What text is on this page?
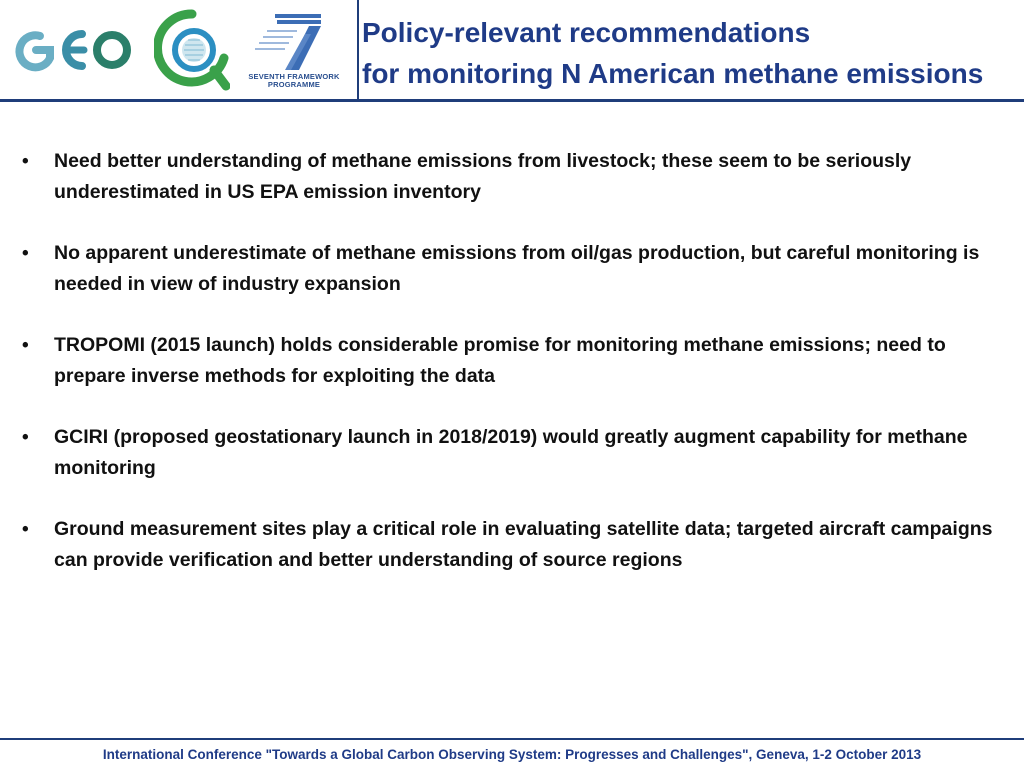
SEVENTH FRAMEWORK
PROGRAMME
Policy-relevant recommendations
for monitoring N American methane emissions
• Need better understanding of methane emissions from livestock; these seem to be seriously underestimated in US EPA emission inventory
• No apparent underestimate of methane emissions from oil/gas production, but careful monitoring is needed in view of industry expansion
• TROPOMI (2015 launch) holds considerable promise for monitoring methane emissions; need to prepare inverse methods for exploiting the data
• GCIRI (proposed geostationary launch in 2018/2019) would greatly augment capability for methane monitoring
• Ground measurement sites play a critical role in evaluating satellite data; targeted aircraft campaigns can provide verification and better understanding of source regions
International Conference "Towards a Global Carbon Observing System: Progresses and Challenges", Geneva, 1-2 October 2013
